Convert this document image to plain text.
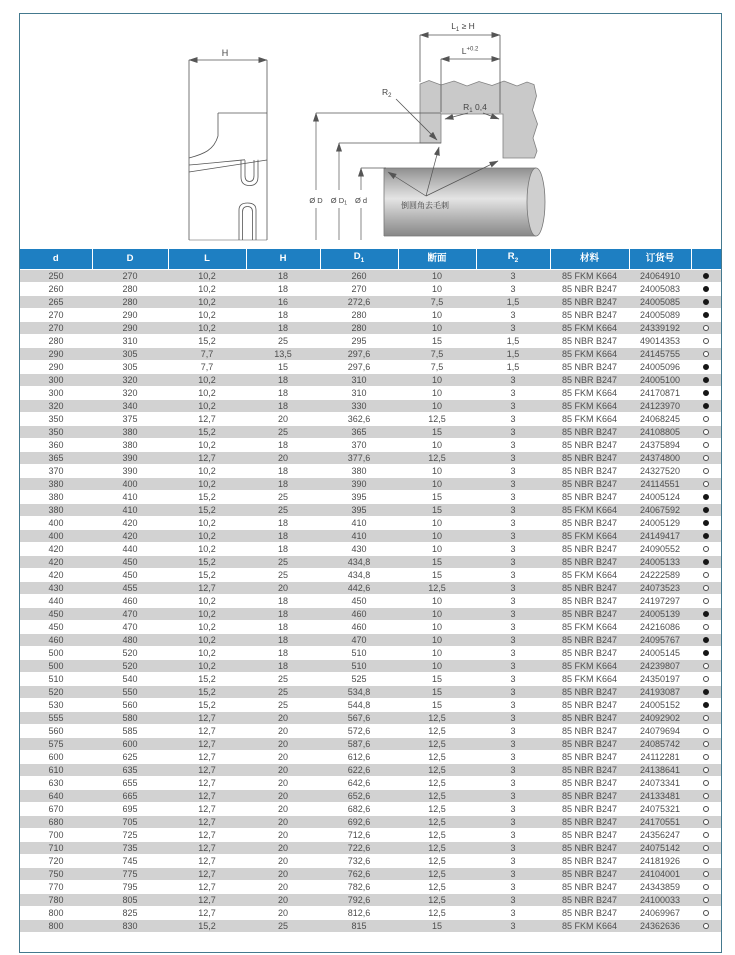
H
$L_1 \ge H$
$L^{+0.2}$
$R_2$
$R_1$ 0,4
Ø D Ø $D_1$ Ø d
倒圆角去毛刺
d	D	L	H	$D_1$	断面	$R_2$	材料	订货号	
250	270	10,2	18	260	10	3	85 FKM K664	24064910	
260	280	10,2	18	270	10	3	85 NBR B247	24005083	
265	280	10,2	16	272,6	7,5	1,5	85 NBR B247	24005085	
270	290	10,2	18	280	10	3	85 NBR B247	24005089	
270	290	10,2	18	280	10	3	85 FKM K664	24339192	
280	310	15,2	25	295	15	1,5	85 NBR B247	49014353	
290	305	7,7	13,5	297,6	7,5	1,5	85 FKM K664	24145755	
290	305	7,7	15	297,6	7,5	1,5	85 NBR B247	24005096	
300	320	10,2	18	310	10	3	85 NBR B247	24005100	
300	320	10,2	18	310	10	3	85 FKM K664	24170871	
320	340	10,2	18	330	10	3	85 FKM K664	24123970	
350	375	12,7	20	362,6	12,5	3	85 FKM K664	24068245	
350	380	15,2	25	365	15	3	85 NBR B247	24108805	
360	380	10,2	18	370	10	3	85 NBR B247	24375894	
365	390	12,7	20	377,6	12,5	3	85 NBR B247	24374800	
370	390	10,2	18	380	10	3	85 NBR B247	24327520	
380	400	10,2	18	390	10	3	85 NBR B247	24114551	
380	410	15,2	25	395	15	3	85 NBR B247	24005124	
380	410	15,2	25	395	15	3	85 FKM K664	24067592	
400	420	10,2	18	410	10	3	85 NBR B247	24005129	
400	420	10,2	18	410	10	3	85 FKM K664	24149417	
420	440	10,2	18	430	10	3	85 NBR B247	24090552	
420	450	15,2	25	434,8	15	3	85 NBR B247	24005133	
420	450	15,2	25	434,8	15	3	85 FKM K664	24222589	
430	455	12,7	20	442,6	12,5	3	85 NBR B247	24073523	
440	460	10,2	18	450	10	3	85 NBR B247	24197297	
450	470	10,2	18	460	10	3	85 NBR B247	24005139	
450	470	10,2	18	460	10	3	85 FKM K664	24216086	
460	480	10,2	18	470	10	3	85 NBR B247	24095767	
500	520	10,2	18	510	10	3	85 NBR B247	24005145	
500	520	10,2	18	510	10	3	85 FKM K664	24239807	
510	540	15,2	25	525	15	3	85 FKM K664	24350197	
520	550	15,2	25	534,8	15	3	85 NBR B247	24193087	
530	560	15,2	25	544,8	15	3	85 NBR B247	24005152	
555	580	12,7	20	567,6	12,5	3	85 NBR B247	24092902	
560	585	12,7	20	572,6	12,5	3	85 NBR B247	24079694	
575	600	12,7	20	587,6	12,5	3	85 NBR B247	24085742	
600	625	12,7	20	612,6	12,5	3	85 NBR B247	24112281	
610	635	12,7	20	622,6	12,5	3	85 NBR B247	24138641	
630	655	12,7	20	642,6	12,5	3	85 NBR B247	24073341	
640	665	12,7	20	652,6	12,5	3	85 NBR B247	24133481	
670	695	12,7	20	682,6	12,5	3	85 NBR B247	24075321	
680	705	12,7	20	692,6	12,5	3	85 NBR B247	24170551	
700	725	12,7	20	712,6	12,5	3	85 NBR B247	24356247	
710	735	12,7	20	722,6	12,5	3	85 NBR B247	24075142	
720	745	12,7	20	732,6	12,5	3	85 NBR B247	24181926	
750	775	12,7	20	762,6	12,5	3	85 NBR B247	24104001	
770	795	12,7	20	782,6	12,5	3	85 NBR B247	24343859	
780	805	12,7	20	792,6	12,5	3	85 NBR B247	24100033	
800	825	12,7	20	812,6	12,5	3	85 NBR B247	24069967	
800	830	15,2	25	815	15	3	85 FKM K664	24362636	
